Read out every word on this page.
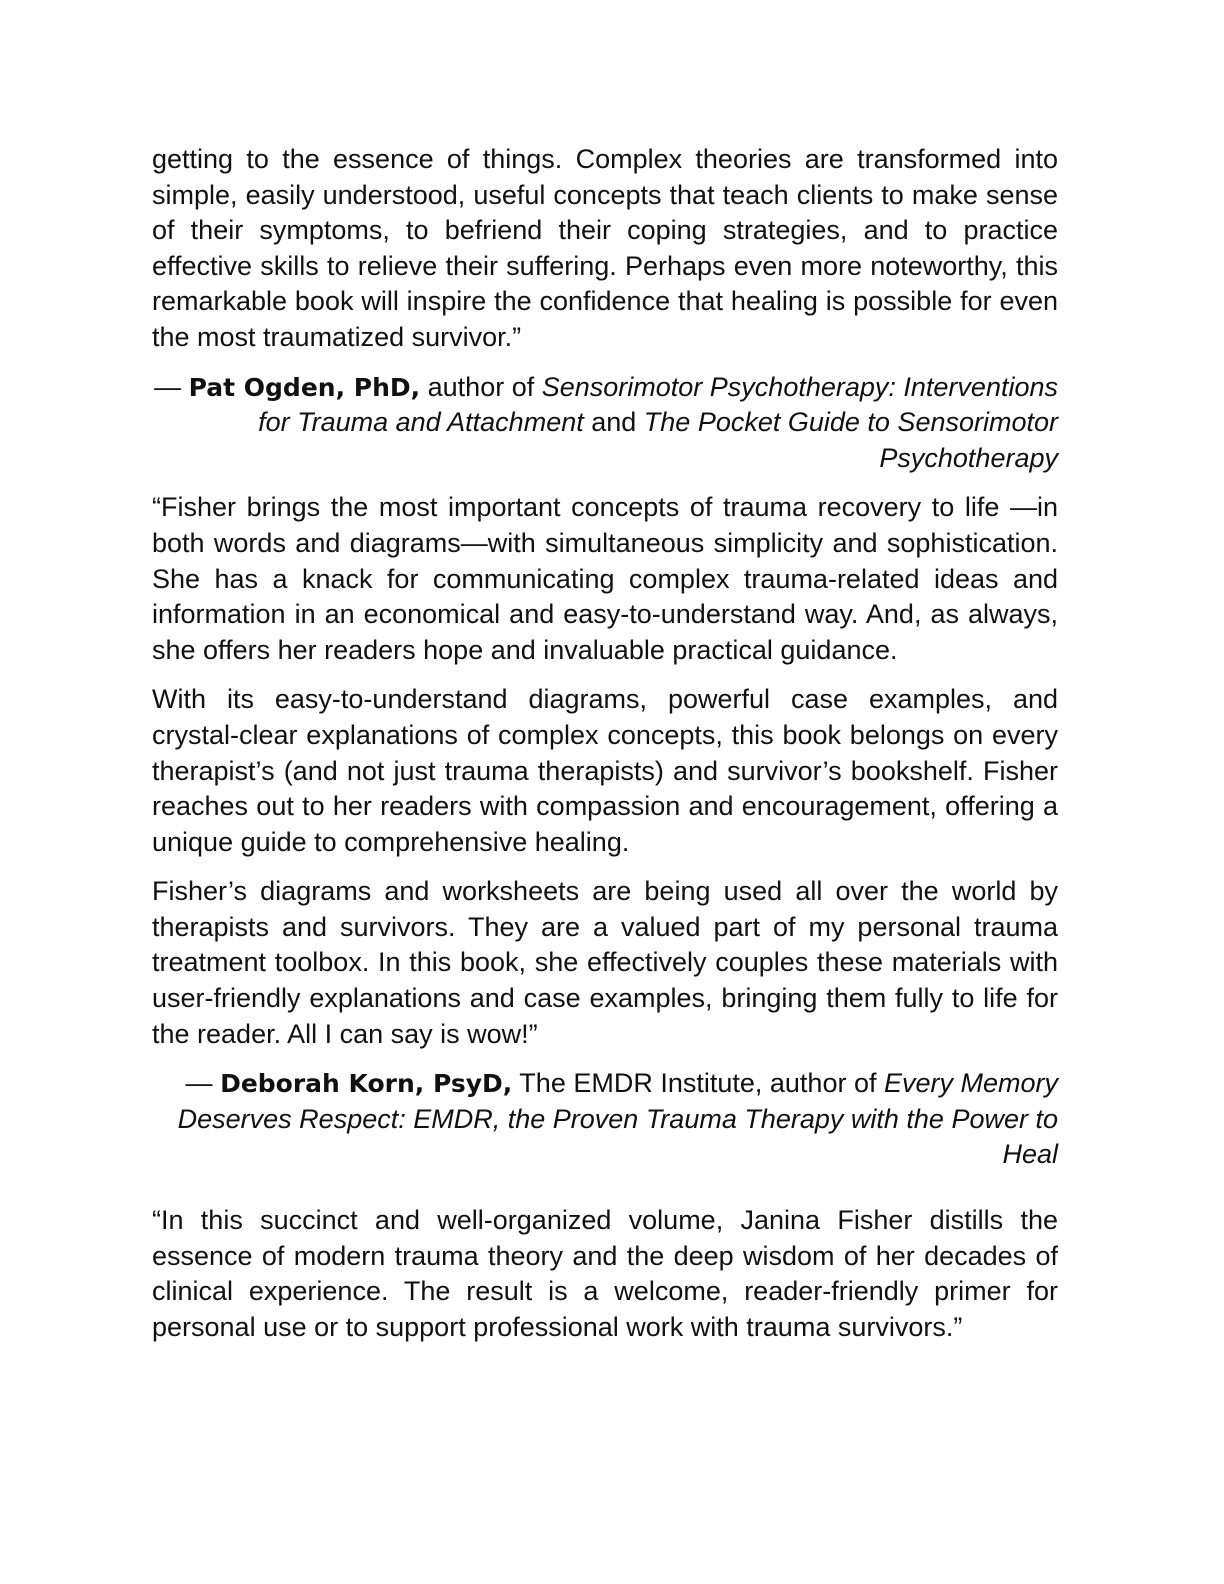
getting to the essence of things. Complex theories are transformed into simple, easily understood, useful concepts that teach clients to make sense of their symptoms, to befriend their coping strategies, and to practice effective skills to relieve their suffering. Perhaps even more noteworthy, this remarkable book will inspire the confidence that healing is possible for even the most traumatized survivor.”

— Pat Ogden, PhD, author of Sensorimotor Psychotherapy: Interventions for Trauma and Attachment and The Pocket Guide to Sensorimotor Psychotherapy

“Fisher brings the most important concepts of trauma recovery to life —in both words and diagrams—with simultaneous simplicity and sophistication. She has a knack for communicating complex trauma-related ideas and information in an economical and easy-to-understand way. And, as always, she offers her readers hope and invaluable practical guidance.

With its easy-to-understand diagrams, powerful case examples, and crystal-clear explanations of complex concepts, this book belongs on every therapist’s (and not just trauma therapists) and survivor’s bookshelf. Fisher reaches out to her readers with compassion and encouragement, offering a unique guide to comprehensive healing.

Fisher’s diagrams and worksheets are being used all over the world by therapists and survivors. They are a valued part of my personal trauma treatment toolbox. In this book, she effectively couples these materials with user-friendly explanations and case examples, bringing them fully to life for the reader. All I can say is wow!”

— Deborah Korn, PsyD, The EMDR Institute, author of Every Memory Deserves Respect: EMDR, the Proven Trauma Therapy with the Power to Heal

“In this succinct and well-organized volume, Janina Fisher distills the essence of modern trauma theory and the deep wisdom of her decades of clinical experience. The result is a welcome, reader-friendly primer for personal use or to support professional work with trauma survivors.”
